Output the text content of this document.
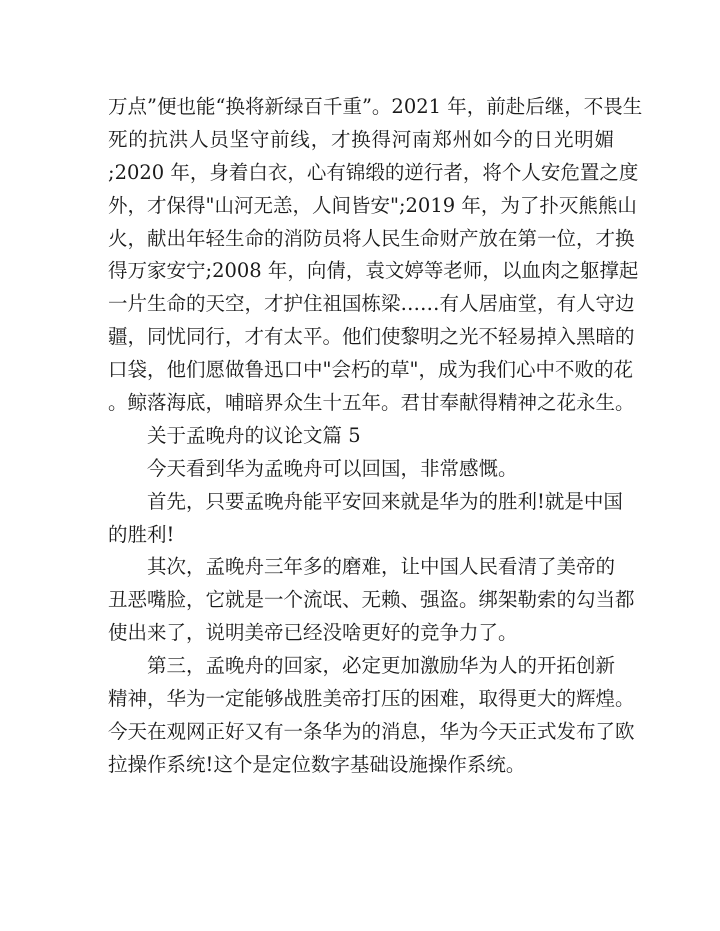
万点”便也能“换将新绿百千重”。2021 年，前赴后继，不畏生
死的抗洪人员坚守前线，才换得河南郑州如今的日光明媚
;2020 年，身着白衣，心有锦缎的逆行者，将个人安危置之度
外，才保得"山河无恙，人间皆安";2019 年，为了扑灭熊熊山
火，献出年轻生命的消防员将人民生命财产放在第一位，才换
得万家安宁;2008 年，向倩，袁文婷等老师，以血肉之躯撑起
一片生命的天空，才护住祖国栋梁……有人居庙堂，有人守边
疆，同忧同行，才有太平。他们使黎明之光不轻易掉入黑暗的
口袋，他们愿做鲁迅口中"会朽的草"，成为我们心中不败的花
。鲸落海底，哺暗界众生十五年。君甘奉献得精神之花永生。
关于孟晚舟的议论文篇 5
今天看到华为孟晚舟可以回国，非常感慨。
首先，只要孟晚舟能平安回来就是华为的胜利!就是中国
的胜利!
其次，孟晚舟三年多的磨难，让中国人民看清了美帝的
丑恶嘴脸，它就是一个流氓、无赖、强盗。绑架勒索的勾当都
使出来了，说明美帝已经没啥更好的竞争力了。
第三，孟晚舟的回家，必定更加激励华为人的开拓创新
精神，华为一定能够战胜美帝打压的困难，取得更大的辉煌。
今天在观网正好又有一条华为的消息，华为今天正式发布了欧
拉操作系统!这个是定位数字基础设施操作系统。
